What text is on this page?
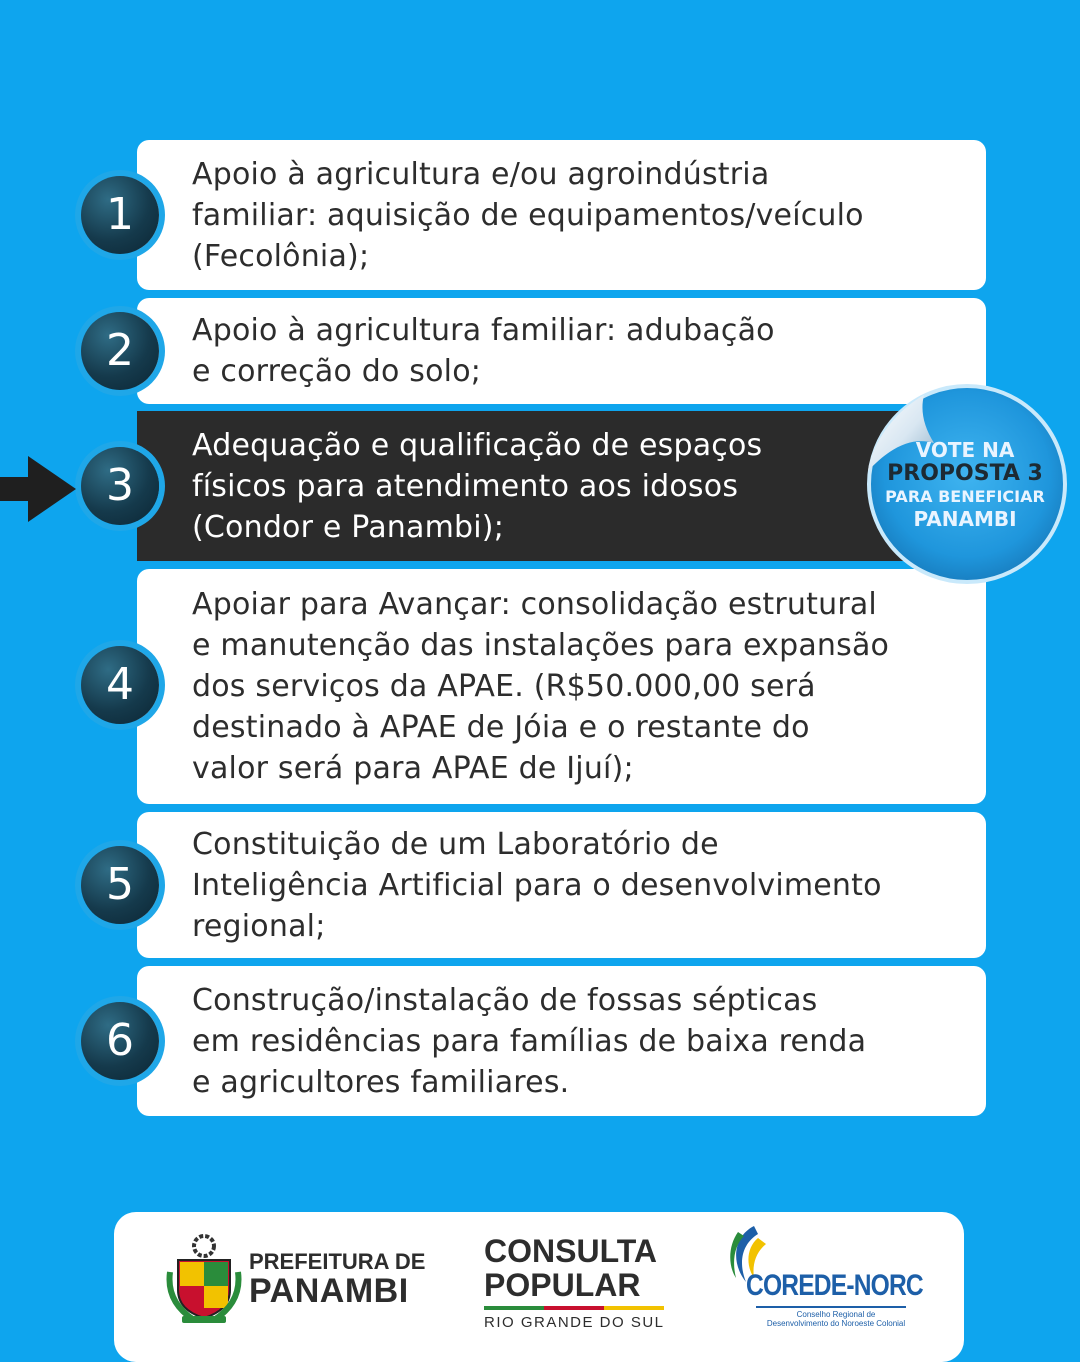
Apoio à agricultura e/ou agroindústria
familiar: aquisição de equipamentos/veículo
(Fecolônia);
1
Apoio à agricultura familiar: adubação
e correção do solo;
2
Adequação e qualificação de espaços
físicos para atendimento aos idosos
(Condor e Panambi);
3
Apoiar para Avançar: consolidação estrutural
e manutenção das instalações para expansão
dos serviços da APAE. (R$50.000,00 será
destinado à APAE de Jóia e o restante do
valor será para APAE de Ijuí);
4
Constituição de um Laboratório de
Inteligência Artificial para o desenvolvimento
regional;
5
Construção/instalação de fossas sépticas
em residências para famílias de baixa renda
e agricultores familiares.
6
VOTE NA
PROPOSTA 3
PARA BENEFICIAR
PANAMBI
PREFEITURA DE
PANAMBI
CONSULTA
POPULAR
RIO GRANDE DO SUL
COREDE-NORC
Conselho Regional de
Desenvolvimento do Noroeste Colonial
